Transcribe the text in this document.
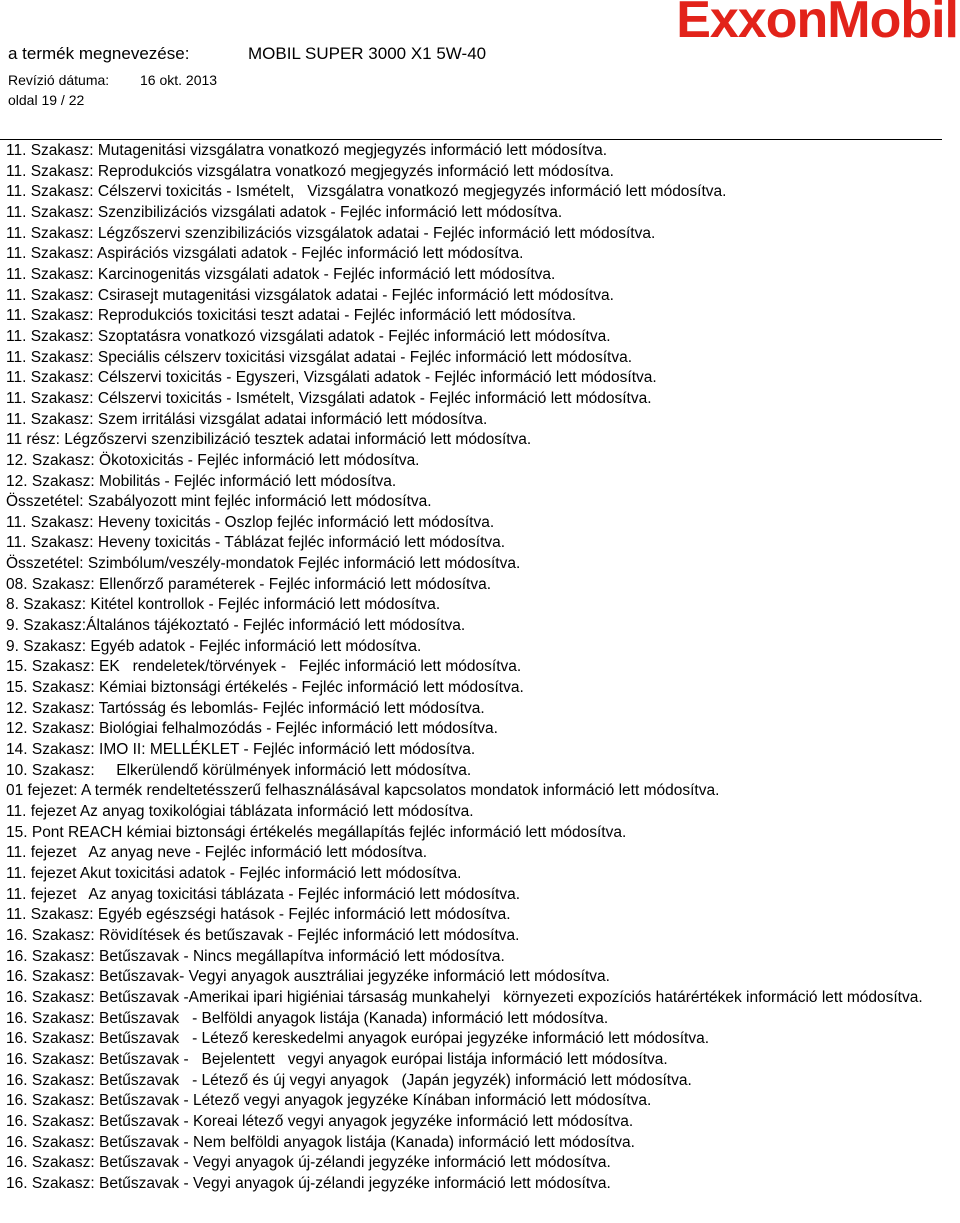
ExxonMobil
a termék megnevezése:	MOBIL SUPER 3000 X1 5W-40
Revízió dátuma: 16 okt. 2013
oldal 19 / 22
11. Szakasz: Mutagenitási vizsgálatra vonatkozó megjegyzés információ lett módosítva.
11. Szakasz: Reprodukciós vizsgálatra vonatkozó megjegyzés információ lett módosítva.
11. Szakasz: Célszervi toxicitás - Ismételt,   Vizsgálatra vonatkozó megjegyzés információ lett módosítva.
11. Szakasz: Szenzibilizációs vizsgálati adatok - Fejléc információ lett módosítva.
11. Szakasz: Légzőszervi szenzibilizációs vizsgálatok adatai - Fejléc információ lett módosítva.
11. Szakasz: Aspirációs vizsgálati adatok - Fejléc információ lett módosítva.
11. Szakasz: Karcinogenitás vizsgálati adatok - Fejléc információ lett módosítva.
11. Szakasz: Csirasejt mutagenitási vizsgálatok adatai - Fejléc információ lett módosítva.
11. Szakasz: Reprodukciós toxicitási teszt adatai - Fejléc információ lett módosítva.
11. Szakasz: Szoptatásra vonatkozó vizsgálati adatok - Fejléc információ lett módosítva.
11. Szakasz: Speciális célszerv toxicitási vizsgálat adatai - Fejléc információ lett módosítva.
11. Szakasz: Célszervi toxicitás - Egyszeri, Vizsgálati adatok - Fejléc információ lett módosítva.
11. Szakasz: Célszervi toxicitás - Ismételt, Vizsgálati adatok - Fejléc információ lett módosítva.
11. Szakasz: Szem irritálási vizsgálat adatai információ lett módosítva.
11 rész: Légzőszervi szenzibilizáció tesztek adatai információ lett módosítva.
12. Szakasz: Ökotoxicitás - Fejléc információ lett módosítva.
12. Szakasz: Mobilitás - Fejléc információ lett módosítva.
Összetétel: Szabályozott mint fejléc információ lett módosítva.
11. Szakasz: Heveny toxicitás - Oszlop fejléc információ lett módosítva.
11. Szakasz: Heveny toxicitás - Táblázat fejléc információ lett módosítva.
Összetétel: Szimbólum/veszély-mondatok Fejléc információ lett módosítva.
08. Szakasz: Ellenőrző paraméterek - Fejléc információ lett módosítva.
8. Szakasz: Kitétel kontrollok - Fejléc információ lett módosítva.
9. Szakasz:Általános tájékoztató - Fejléc információ lett módosítva.
9. Szakasz: Egyéb adatok - Fejléc információ lett módosítva.
15. Szakasz: EK   rendeletek/törvények -   Fejléc információ lett módosítva.
15. Szakasz: Kémiai biztonsági értékelés - Fejléc információ lett módosítva.
12. Szakasz: Tartósság és lebomlás- Fejléc információ lett módosítva.
12. Szakasz: Biológiai felhalmozódás - Fejléc információ lett módosítva.
14. Szakasz: IMO II: MELLÉKLET - Fejléc információ lett módosítva.
10. Szakasz:     Elkerülendő körülmények információ lett módosítva.
01 fejezet: A termék rendeltetésszerű felhasználásával kapcsolatos mondatok információ lett módosítva.
11. fejezet Az anyag toxikológiai táblázata információ lett módosítva.
15. Pont REACH kémiai biztonsági értékelés megállapítás fejléc információ lett módosítva.
11. fejezet   Az anyag neve - Fejléc információ lett módosítva.
11. fejezet Akut toxicitási adatok - Fejléc információ lett módosítva.
11. fejezet   Az anyag toxicitási táblázata - Fejléc információ lett módosítva.
11. Szakasz: Egyéb egészségi hatások - Fejléc információ lett módosítva.
16. Szakasz: Rövidítések és betűszavak - Fejléc információ lett módosítva.
16. Szakasz: Betűszavak - Nincs megállapítva információ lett módosítva.
16. Szakasz: Betűszavak- Vegyi anyagok ausztráliai jegyzéke információ lett módosítva.
16. Szakasz: Betűszavak -Amerikai ipari higiéniai társaság munkahelyi   környezeti expozíciós határértékek információ lett módosítva.
16. Szakasz: Betűszavak   - Belföldi anyagok listája (Kanada) információ lett módosítva.
16. Szakasz: Betűszavak   - Létező kereskedelmi anyagok európai jegyzéke információ lett módosítva.
16. Szakasz: Betűszavak -   Bejelentett   vegyi anyagok európai listája információ lett módosítva.
16. Szakasz: Betűszavak   - Létező és új vegyi anyagok   (Japán jegyzék) információ lett módosítva.
16. Szakasz: Betűszavak - Létező vegyi anyagok jegyzéke Kínában információ lett módosítva.
16. Szakasz: Betűszavak - Koreai létező vegyi anyagok jegyzéke információ lett módosítva.
16. Szakasz: Betűszavak - Nem belföldi anyagok listája (Kanada) információ lett módosítva.
16. Szakasz: Betűszavak - Vegyi anyagok új-zélandi jegyzéke információ lett módosítva.
16. Szakasz: Betűszavak - Vegyi anyagok új-zélandi jegyzéke információ lett módosítva.
